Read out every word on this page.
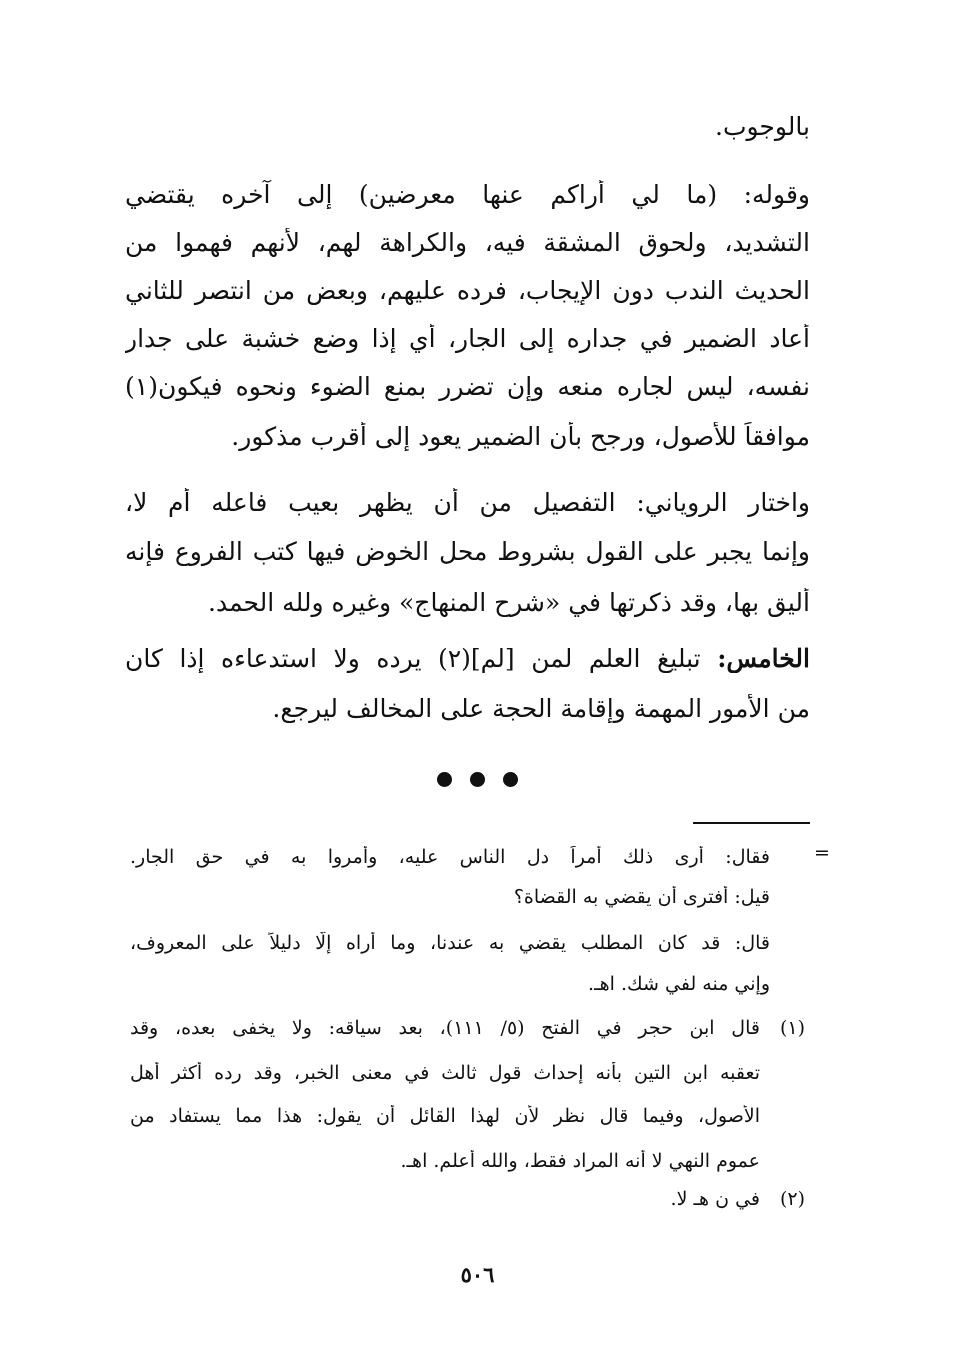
بالوجوب.

وقوله: (ما لي أراكم عنها معرضين) إلى آخره يقتضي

التشديد، ولحوق المشقة فيه، والكراهة لهم، لأنهم فهموا من

الحديث الندب دون الإيجاب، فرده عليهم، وبعض من انتصر للثاني

أعاد الضمير في جداره إلى الجار، أي إذا وضع خشبة على جدار

نفسه، ليس لجاره منعه وإن تضرر بمنع الضوء ونحوه فيكون(١)

موافقاً للأصول، ورجح بأن الضمير يعود إلى أقرب مذكور.

واختار الروياني: التفصيل من أن يظهر بعيب فاعله أم لا،

وإنما يجبر على القول بشروط محل الخوض فيها كتب الفروع فإنه

أليق بها، وقد ذكرتها في «شرح المنهاج» وغيره ولله الحمد.

الخامس: تبليغ العلم لمن [لم](٢) يرده ولا استدعاءه إذا كان

من الأمور المهمة وإقامة الحجة على المخالف ليرجع.

=

فقال: أرى ذلك أمراً دل الناس عليه، وأمروا به في حق الجار.

قيل: أفترى أن يقضي به القضاة؟

قال: قد كان المطلب يقضي به عندنا، وما أراه إلّا دليلاً على المعروف،

وإني منه لفي شك. اهـ.

(١)

قال ابن حجر في الفتح (٥/ ١١١)، بعد سياقه: ولا يخفى بعده، وقد

تعقبه ابن التين بأنه إحداث قول ثالث في معنى الخبر، وقد رده أكثر أهل

الأصول، وفيما قال نظر لأن لهذا القائل أن يقول: هذا مما يستفاد من

عموم النهي لا أنه المراد فقط، والله أعلم. اهـ.

(٢)

في ن هـ لا.

٥٠٦
